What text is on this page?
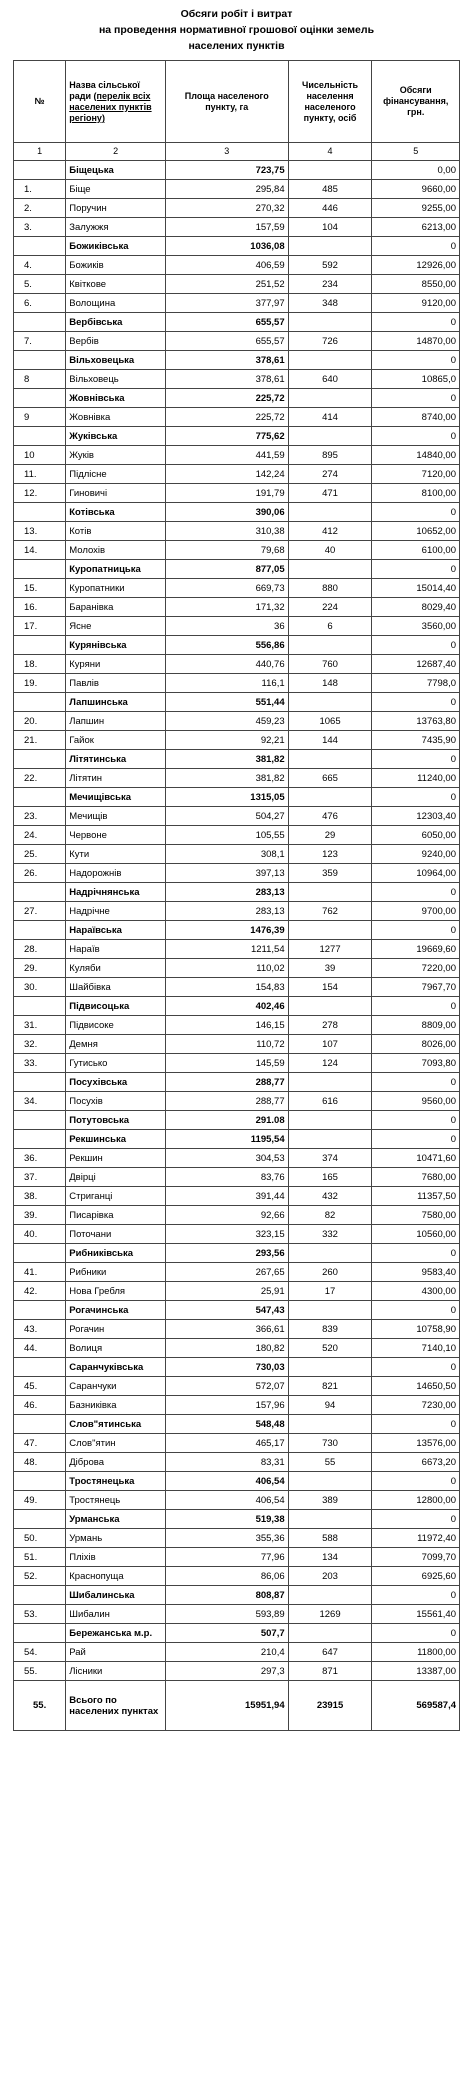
Обсяги робіт і витрат
на проведення нормативної грошової оцінки земель
населених пунктів
№	Назва сільської ради (перелік всіх населених пунктів регіону)	Площа населеного пункту, га	Чисельність населення населеного пункту, осіб	Обсяги фінансування, грн.
1	2	3	4	5
	Біщецька	723,75		0,00
1.	Біще	295,84	485	9660,00
2.	Поручин	270,32	446	9255,00
3.	Залужжя	157,59	104	6213,00
	Божиківська	1036,08		0
4.	Божиків	406,59	592	12926,00
5.	Квіткове	251,52	234	8550,00
6.	Волощина	377,97	348	9120,00
	Вербівська	655,57		0
7.	Вербів	655,57	726	14870,00
	Вільховецька	378,61		0
8	Вільховець	378,61	640	10865,0
	Жовнівська	225,72		0
9	Жовнівка	225,72	414	8740,00
	Жуківська	775,62		0
10	Жуків	441,59	895	14840,00
11.	Підліснe	142,24	274	7120,00
12.	Гиновичі	191,79	471	8100,00
	Котівська	390,06		0
13.	Котів	310,38	412	10652,00
14.	Молохів	79,68	40	6100,00
	Куропатницька	877,05		0
15.	Куропатники	669,73	880	15014,40
16.	Баранівка	171,32	224	8029,40
17.	Ясне	36	6	3560,00
	Курянівська	556,86		0
18.	Куряни	440,76	760	12687,40
19.	Павлів	116,1	148	7798,0
	Лапшинська	551,44		0
20.	Лапшин	459,23	1065	13763,80
21.	Гайок	92,21	144	7435,90
	Літятинська	381,82		0
22.	Літятин	381,82	665	11240,00
	Мечищівська	1315,05		0
23.	Мечищів	504,27	476	12303,40
24.	Червоне	105,55	29	6050,00
25.	Кути	308,1	123	9240,00
26.	Надорожнів	397,13	359	10964,00
	Надрічнянська	283,13		0
27.	Надрічне	283,13	762	9700,00
	Нараївська	1476,39		0
28.	Нараїв	1211,54	1277	19669,60
29.	Куляби	110,02	39	7220,00
30.	Шайбівка	154,83	154	7967,70
	Підвисоцька	402,46		0
31.	Підвисоке	146,15	278	8809,00
32.	Демня	110,72	107	8026,00
33.	Гутисько	145,59	124	7093,80
	Посухівська	288,77		0
34.	Посухів	288,77	616	9560,00
	Потутовська	291.08		0
	Рекшинська	1195,54		0
36.	Рекшин	304,53	374	10471,60
37.	Двірці	83,76	165	7680,00
38.	Стриганці	391,44	432	11357,50
39.	Писарівка	92,66	82	7580,00
40.	Поточани	323,15	332	10560,00
	Рибниківська	293,56		0
41.	Рибники	267,65	260	9583,40
42.	Нова Гребля	25,91	17	4300,00
	Рогачинська	547,43		0
43.	Рогачин	366,61	839	10758,90
44.	Волиця	180,82	520	7140,10
	Саранчуківська	730,03		0
45.	Саранчуки	572,07	821	14650,50
46.	Базниківка	157,96	94	7230,00
	Слов"ятинська	548,48		0
47.	Слов"ятин	465,17	730	13576,00
48.	Діброва	83,31	55	6673,20
	Тростянецька	406,54		0
49.	Тростянець	406,54	389	12800,00
	Урманська	519,38		0
50.	Урмань	355,36	588	11972,40
51.	Пліхів	77,96	134	7099,70
52.	Краснопуща	86,06	203	6925,60
	Шибалинська	808,87		0
53.	Шибалин	593,89	1269	15561,40
	Бережанська м.р.	507,7		0
54.	Рай	210,4	647	11800,00
55.	Лісники	297,3	871	13387,00
55.	Всього по населених пунктах	15951,94	23915	569587,4
